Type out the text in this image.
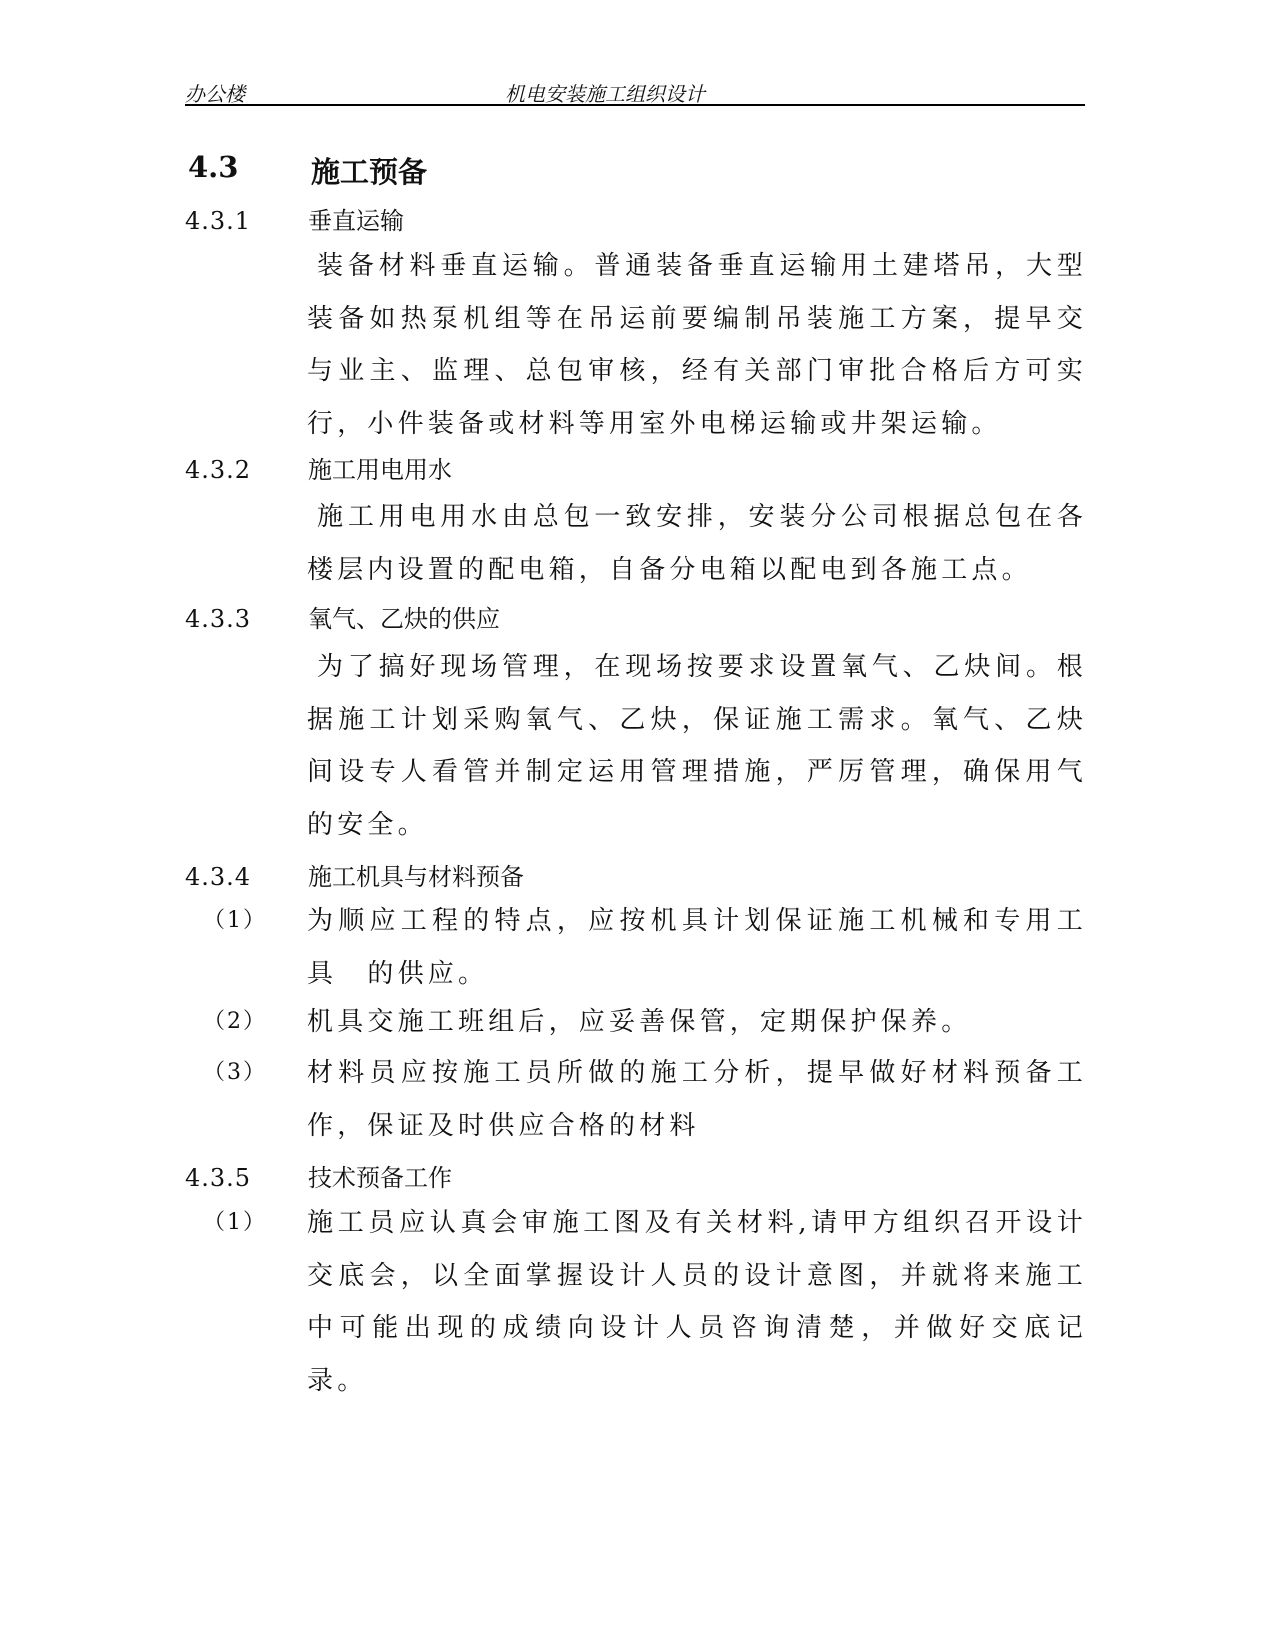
办公楼	机电安装施工组织设计
4.3	施工预备
4.3.1 垂直运输
装备材料垂直运输。普通装备垂直运输用土建塔吊，大型装备如热泵机组等在吊运前要编制吊装施工方案，提早交与业主、监理、总包审核，经有关部门审批合格后方可实行，小件装备或材料等用室外电梯运输或井架运输。
4.3.2 施工用电用水
施工用电用水由总包一致安排，安装分公司根据总包在各楼层内设置的配电箱，自备分电箱以配电到各施工点。
4.3.3 氧气、乙炔的供应
为了搞好现场管理，在现场按要求设置氧气、乙炔间。根据施工计划采购氧气、乙炔，保证施工需求。氧气、乙炔间设专人看管并制定运用管理措施，严厉管理，确保用气的安全。
4.3.4 施工机具与材料预备
（1） 为顺应工程的特点，应按机具计划保证施工机械和专用工具　的供应。
（2） 机具交施工班组后，应妥善保管，定期保护保养。
（3） 材料员应按施工员所做的施工分析，提早做好材料预备工作，保证及时供应合格的材料
4.3.5 技术预备工作
（1） 施工员应认真会审施工图及有关材料,请甲方组织召开设计交底会，以全面掌握设计人员的设计意图，并就将来施工中可能出现的成绩向设计人员咨询清楚，并做好交底记录。
